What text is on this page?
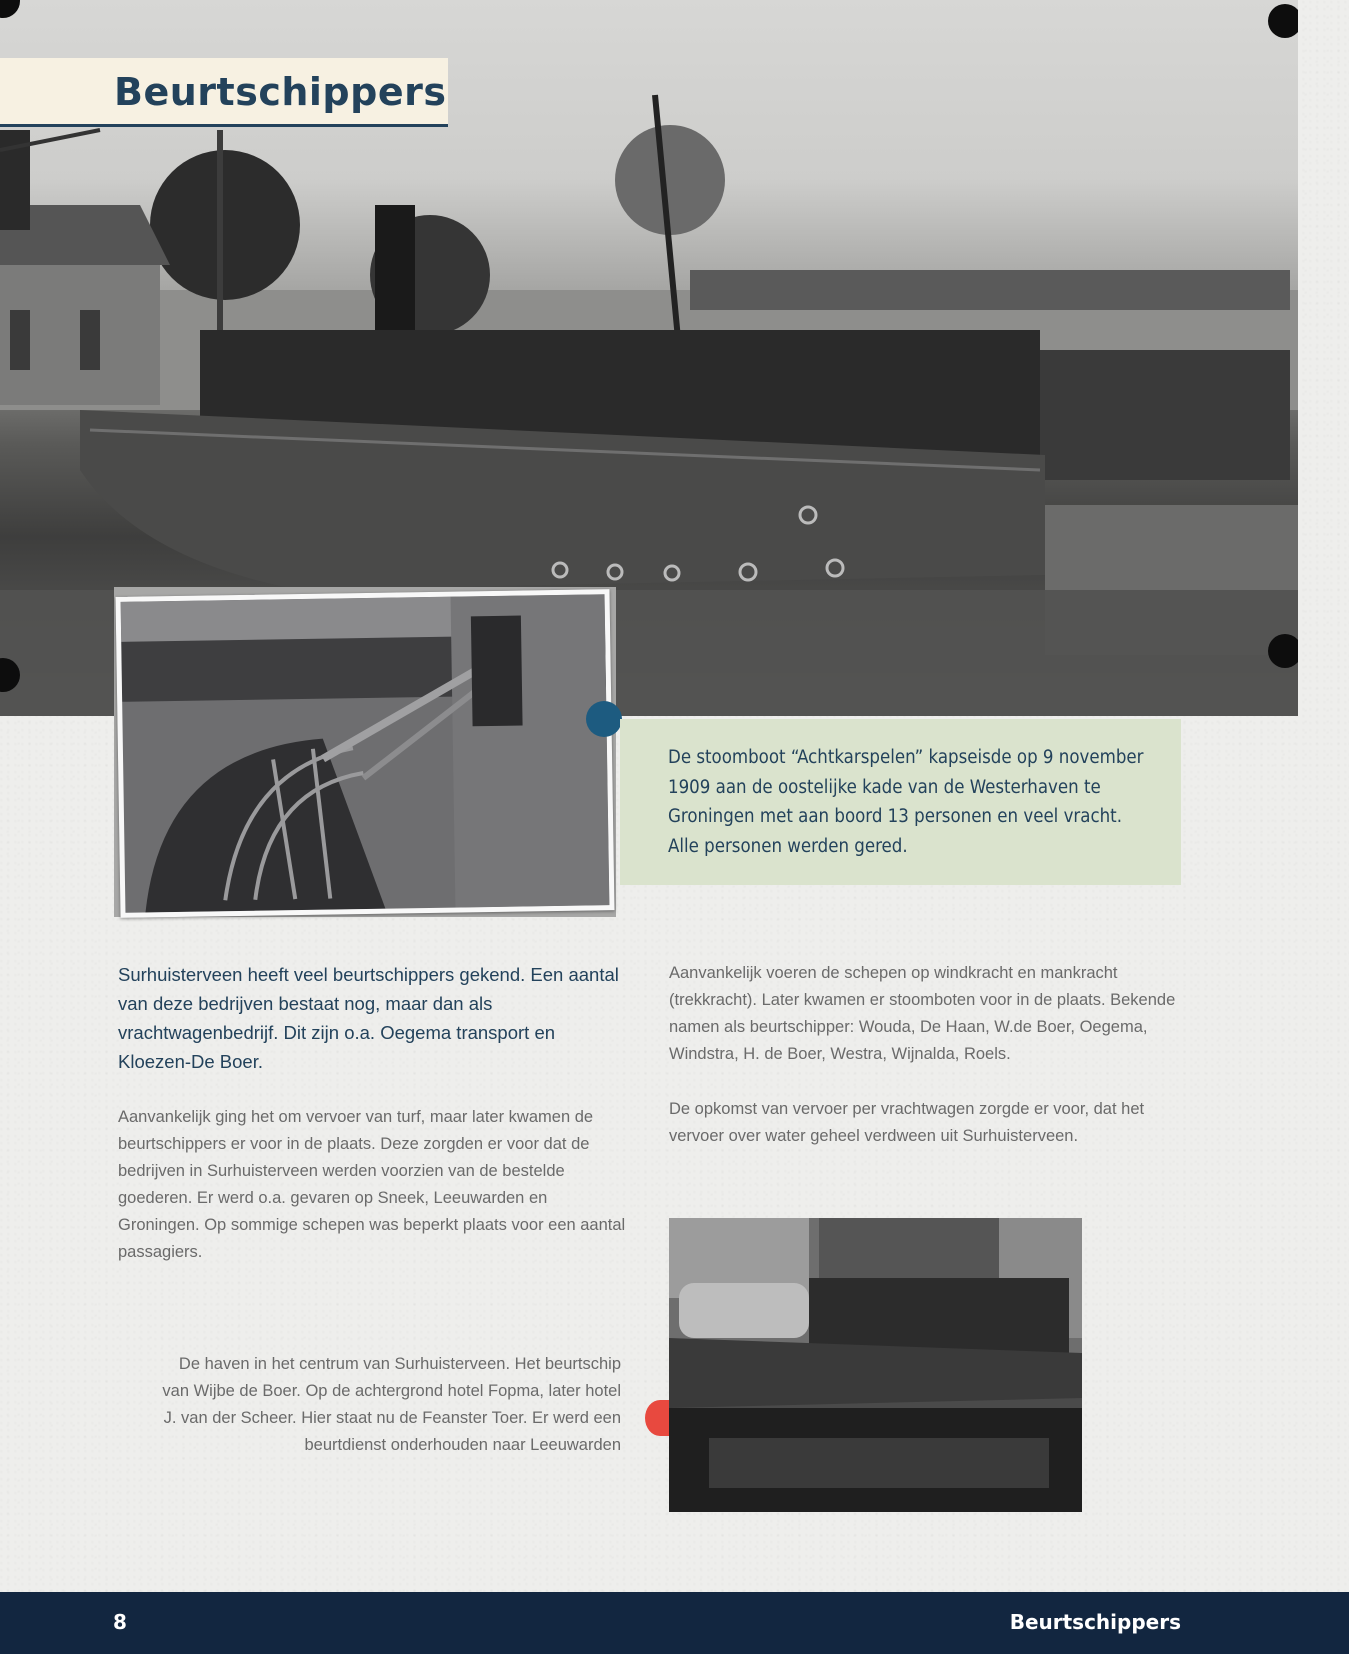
Beurtschippers

De stoomboot “Achtkarspelen” kapseisde op 9 november 1909 aan de oostelijke kade van de Westerhaven te Groningen met aan boord 13 personen en veel vracht. Alle personen werden gered.

Surhuisterveen heeft veel beurtschippers gekend. Een aantal van deze bedrijven bestaat nog, maar dan als vrachtwagenbedrijf. Dit zijn o.a. Oegema transport en Kloezen-De Boer.

Aanvankelijk ging het om vervoer van turf, maar later kwamen de beurtschippers er voor in de plaats. Deze zorgden er voor dat de bedrijven in Surhuisterveen werden voorzien van de bestelde goederen. Er werd o.a. gevaren op Sneek, Leeuwarden en Groningen. Op sommige schepen was beperkt plaats voor een aantal passagiers.

Aanvankelijk voeren de schepen op windkracht en mankracht (trekkracht). Later kwamen er stoomboten voor in de plaats. Bekende namen als beurtschipper: Wouda, De Haan, W.de Boer, Oegema, Windstra, H. de Boer, Westra, Wijnalda, Roels.

De opkomst van vervoer per vrachtwagen zorgde er voor, dat het vervoer over water geheel verdween uit Surhuisterveen.

De haven in het centrum van Surhuisterveen. Het beurtschip van Wijbe de Boer. Op de achtergrond hotel Fopma, later hotel J. van der Scheer. Hier staat nu de Feanster Toer. Er werd een beurtdienst onderhouden naar Leeuwarden

8	Beurtschippers
